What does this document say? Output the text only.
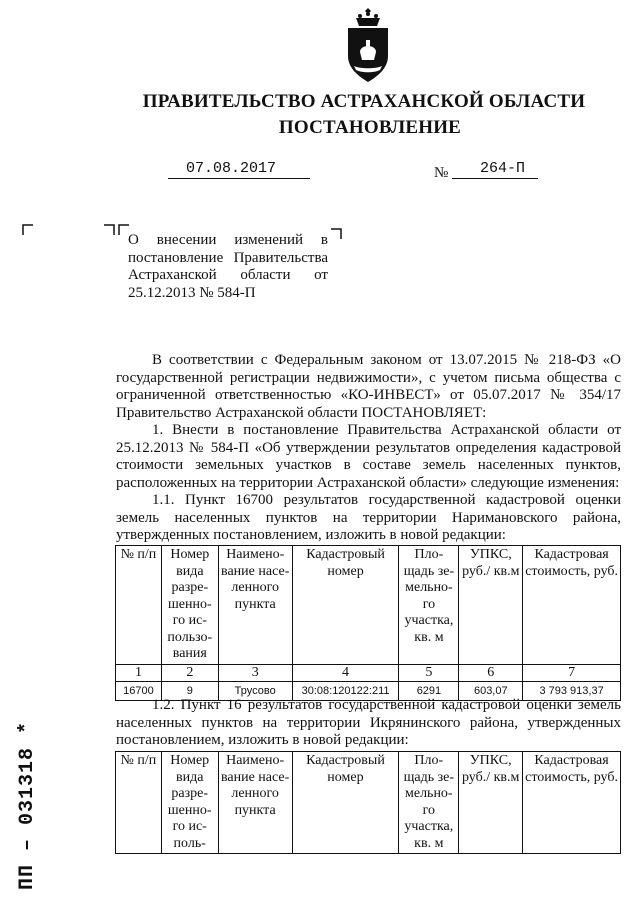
ПРАВИТЕЛЬСТВО АСТРАХАНСКОЙ ОБЛАСТИ
ПОСТАНОВЛЕНИЕ
07.08.2017	№ 264-П
О внесении изменений в постановление Правительства Астраханской области от 25.12.2013 № 584-П

В соответствии с Федеральным законом от 13.07.2015 № 218-ФЗ «О государственной регистрации недвижимости», с учетом письма общества с ограниченной ответственностью «КО-ИНВЕСТ» от 05.07.2017 № 354/17 Правительство Астраханской области ПОСТАНОВЛЯЕТ:

1. Внести в постановление Правительства Астраханской области от 25.12.2013 № 584-П «Об утверждении результатов определения кадастровой стоимости земельных участков в составе земель населенных пунктов, расположенных на территории Астраханской области» следующие изменения:

1.1. Пункт 16700 результатов государственной кадастровой оценки земель населенных пунктов на территории Наримановского района, утвержденных постановлением, изложить в новой редакции:

№ п/п	Номер вида разре-шенно-го ис-пользо-вания	Наимено-вание насе-ленного пункта	Кадастровый номер	Пло-щадь зе-мельно-го участка, кв. м	УПКС, руб./ кв.м	Кадастровая стоимость, руб.
1	2	3	4	5	6	7
16700	9	Трусово	30:08:120122:211	6291	603,07	3 793 913,37

1.2. Пункт 16 результатов государственной кадастровой оценки земель населенных пунктов на территории Икрянинского района, утвержденных постановлением, изложить в новой редакции:

№ п/п	Номер вида разре-шенно-го ис-поль-	Наимено-вание насе-ленного пункта	Кадастровый номер	Пло-щадь зе-мельно-го участка, кв. м	УПКС, руб./ кв.м	Кадастровая стоимость, руб.
ПП – 031318 *
